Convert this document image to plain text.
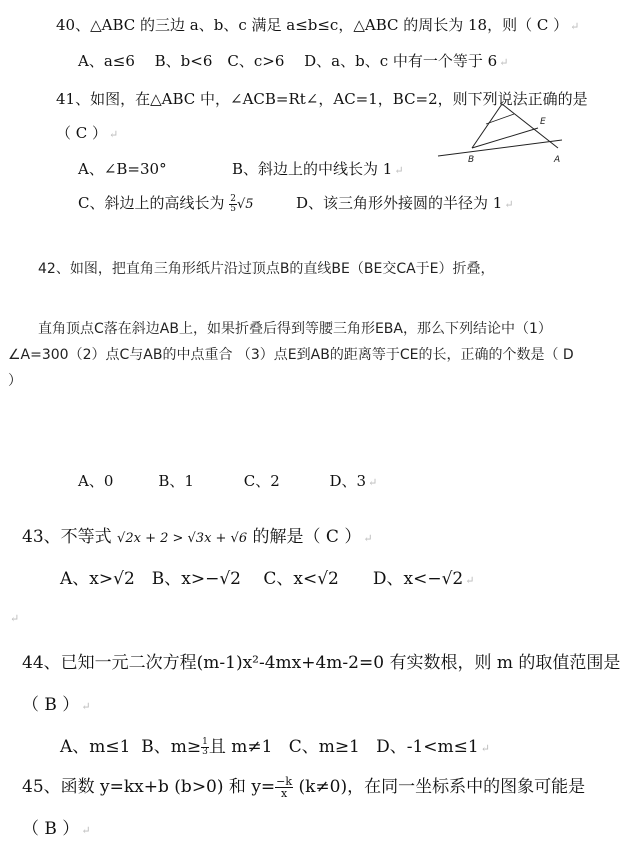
40、△ABC 的三边 a、b、c 满足 a≤b≤c，△ABC 的周长为 18，则（ C ） ↵
A、a≤6　 B、b<6　C、c>6　 D、a、b、c 中有一个等于 6 ↵
41、如图，在△ABC 中，∠ACB=Rt∠，AC=1，BC=2，则下列说法正确的是
（ C ） ↵
A、∠B=30°	B、斜边上的中线长为 1 ↵
C、斜边上的高线长为 $\frac{2}{5} √5$	D、该三角形外接圆的半径为 1 ↵
E
B	A
42、如图，把直角三角形纸片沿过顶点B的直线BE（BE交CA于E）折叠，
直角顶点C落在斜边AB上，如果折叠后得到等腰三角形EBA，那么下列结论中（1）
∠A=300（2）点C与AB的中点重合 （3）点E到AB的距离等于CE的长，正确的个数是（ D
）
A、0　　　B、1　　　 C、2　　　 D、3 ↵
43、不等式 √2x + 2 > √3x + √6 的解是（ C ） ↵
A、x>√2　B、x>−√2　 C、x<√2　　D、x<−√2 ↵
↵
44、已知一元二次方程(m-1)x²-4mx+4m-2=0 有实数根，则 m 的取值范围是
（ B ） ↵
A、m≤1 B、$m\ge \frac{1}{3}$ 且 m≠1 C、m≥1 D、-1<m≤1 ↵
45、函数 y=kx+b (b>0) 和 $y= \frac{-k}{x} (k\ne 0)$，在同一坐标系中的图象可能是
（ B ） ↵
